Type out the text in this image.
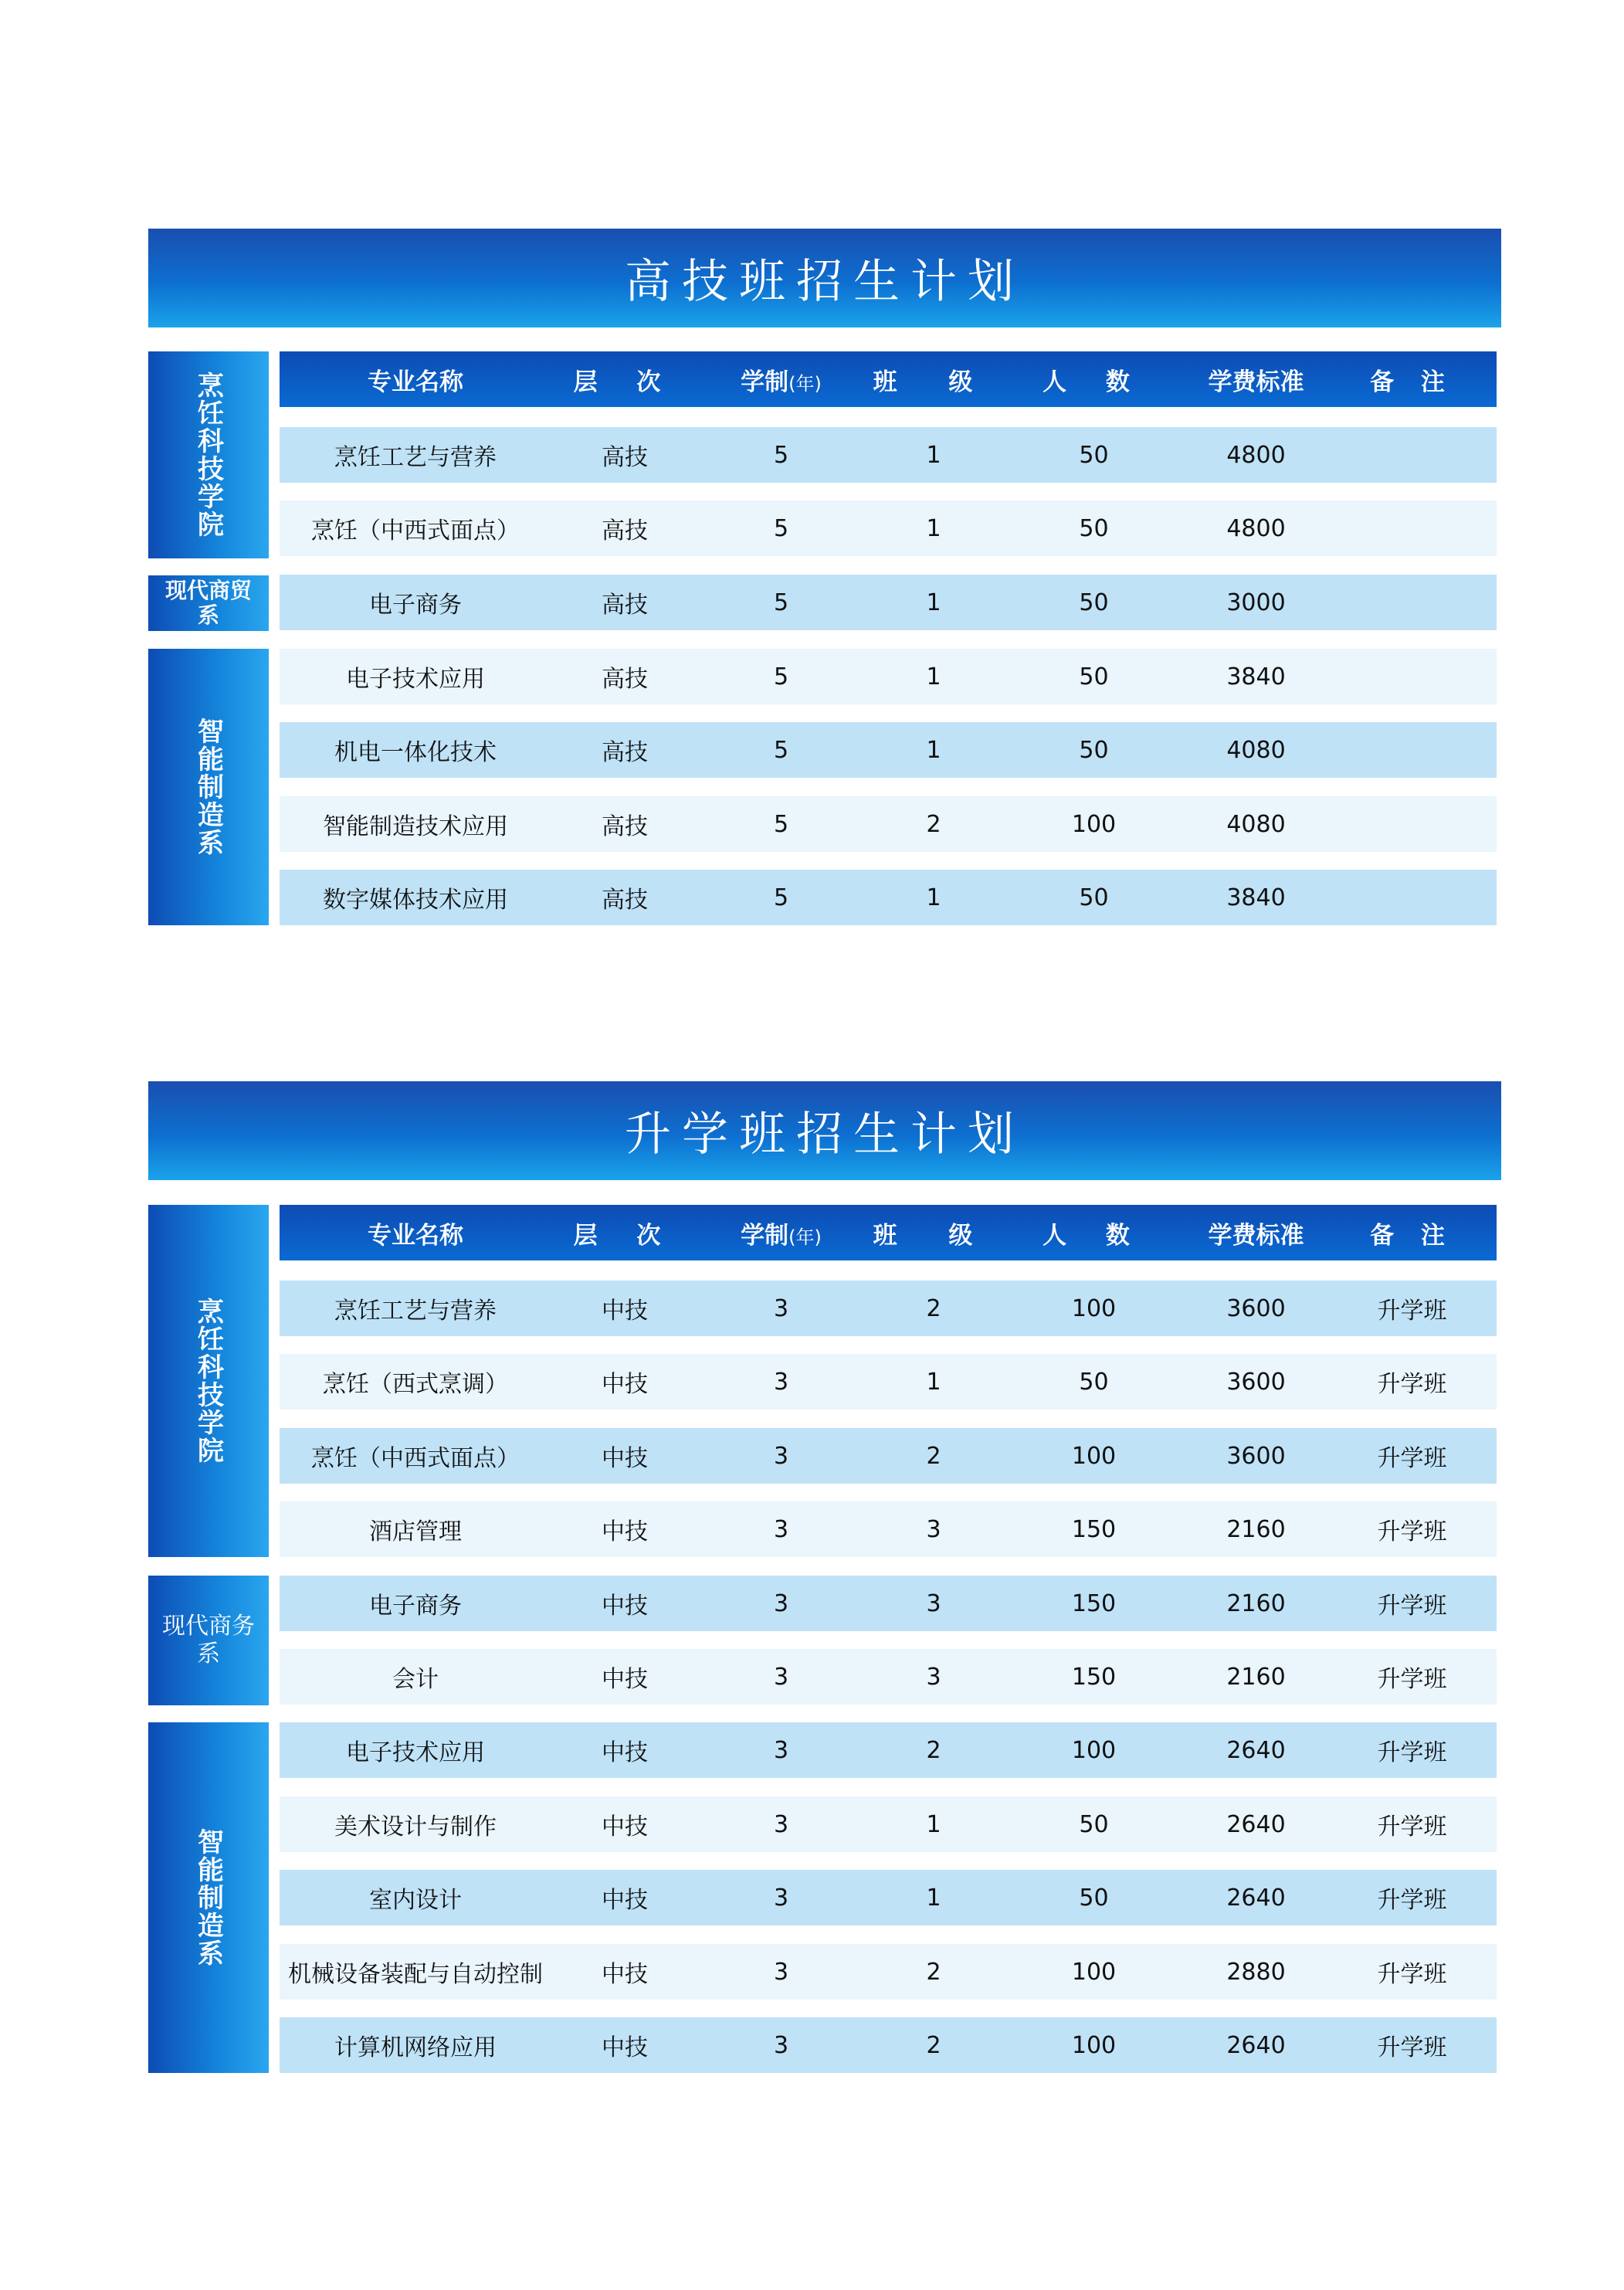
高技班招生计划
烹饪科技学院
现代商贸系
智能制造系
专业名称	层 次	学制(年)	班 级	人 数	学费标准	备 注
烹饪工艺与营养	高技	5	1	50	4800
烹饪（中西式面点）	高技	5	1	50	4800
电子商务	高技	5	1	50	3000
电子技术应用	高技	5	1	50	3840
机电一体化技术	高技	5	1	50	4080
智能制造技术应用	高技	5	2	100	4080
数字媒体技术应用	高技	5	1	50	3840
升学班招生计划
烹饪科技学院
现代商务系
智能制造系
专业名称	层 次	学制(年)	班 级	人 数	学费标准	备 注
烹饪工艺与营养	中技	3	2	100	3600	升学班
烹饪（西式烹调）	中技	3	1	50	3600	升学班
烹饪（中西式面点）	中技	3	2	100	3600	升学班
酒店管理	中技	3	3	150	2160	升学班
电子商务	中技	3	3	150	2160	升学班
会计	中技	3	3	150	2160	升学班
电子技术应用	中技	3	2	100	2640	升学班
美术设计与制作	中技	3	1	50	2640	升学班
室内设计	中技	3	1	50	2640	升学班
机械设备装配与自动控制	中技	3	2	100	2880	升学班
计算机网络应用	中技	3	2	100	2640	升学班
